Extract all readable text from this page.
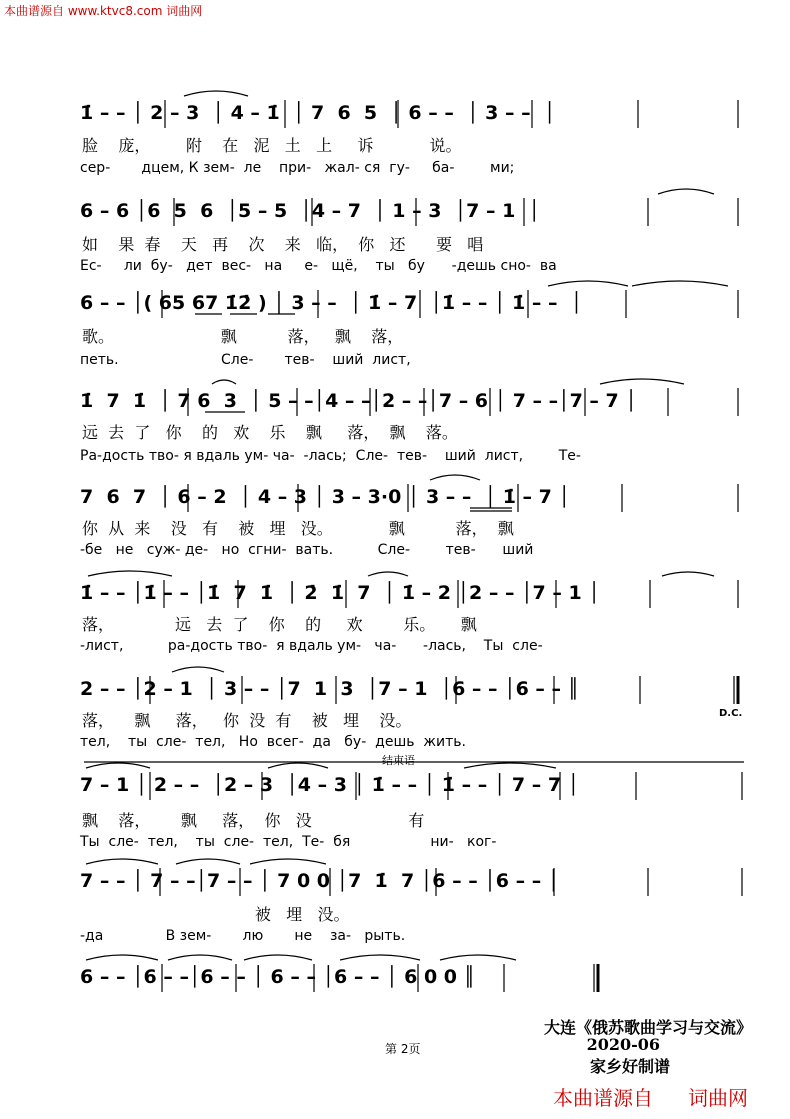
本曲谱源自 www.ktvc8.com 词曲网
1̇ – – │ 2 – 3  │ 4 – 1̇  │ 7  6  5  │ 6 – –  │ 3 – –  │
脸    庞，       附    在   泥   土   上     诉           说。
сер-       дцем, К зем-  ле    при-   жал- ся  гу-     ба-        ми;
6 – 6 │6  5  6  │5 – 5  │4 – 7  │ 1 – 3  │7 – 1  │
如    果  春    天   再    次    来   临，  你   还      要   唱
Ес-     ли  бу-   дет  вес-   на     е-   щё,    ты   бу      -дешь сно-  ва
6 – – │( 65 67 1̇2̇ ) │ 3 – –  │ 1̇ – 7  │1̇ – – │ 1̇ – –  │
歌。                     飘          落，   飘    落，
петь.                       Сле-       тев-    ший  лист,
1̇  7  1̇  │ 7 6  3  │ 5 – –│4 – –│2 – –│7 – 6 │ 7 – –│7 – 7 │
远  去  了   你    的   欢    乐    飘     落，  飘    落。
Ра-дость тво- я вдаль ум- ча-  -лась;  Сле-  тев-    ший  лист,        Те-
7  6  7  │ 6 – 2  │ 4 – 3 │ 3 – 3·0 │ 3 – –  │ 1̇ – 7 │
你  从  来    没   有    被   埋   没。           飘          落，  飘
-бе   не   суж- де-   но  сгни-  вать.          Сле-        тев-      ший
1̇ – – │1̇ – – │1̇  7  1̇  │ 2̇  1̇  7  │ 1̇ – 2 │2 – – │7 – 1 │
落，            远   去  了    你    的     欢        乐。     飘
-лист,          ра-дость тво-  я вдаль ум-   ча-      -лась,    Ты  сле-
2 – – │2 – 1  │ 3 – – │7  1  3  │7 – 1  │6 – – │6 – – ║
D.C.
落，    飘     落，   你  没  有    被   埋    没。
тел,    ты  сле-  тел,   Но  всег-  да   бу-  дешь  жить.
结束语
7 – 1 │ 2 – –  │2 – 3  │4 – 3 │ 1̇ – – │ 1̇ – – │ 7 – 7 │
飘    落，      飘     落，  你   没                   有
Ты  сле-  тел,    ты  сле-  тел,  Те-  бя                  ни-   ког-
7 – – │ 7 – –│7 – – │ 7 0 0 │7  1̇  7 │6 – – │6 – – │
被   埋   没。
-да              В зем-       лю       не    за-   рыть.
6 – – │6 – –│6 – – │ 6 – – │6 – – │ 6 0 0 ║
大连《俄苏歌曲学习与交流》
2020-06
家乡好制谱
第 2页
本曲谱源自 词曲网
